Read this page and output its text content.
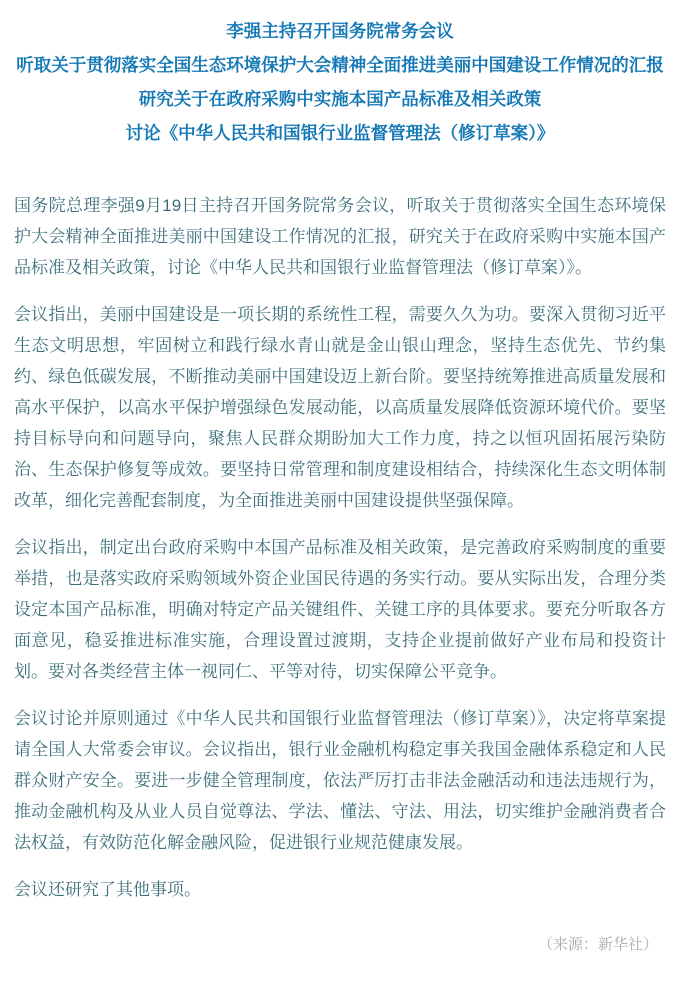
李强主持召开国务院常务会议
听取关于贯彻落实全国生态环境保护大会精神全面推进美丽中国建设工作情况的汇报
研究关于在政府采购中实施本国产品标准及相关政策
讨论《中华人民共和国银行业监督管理法（修订草案）》

国务院总理李强9月19日主持召开国务院常务会议，听取关于贯彻落实全国生态环境保护大会精神全面推进美丽中国建设工作情况的汇报，研究关于在政府采购中实施本国产品标准及相关政策，讨论《中华人民共和国银行业监督管理法（修订草案）》。

会议指出，美丽中国建设是一项长期的系统性工程，需要久久为功。要深入贯彻习近平生态文明思想，牢固树立和践行绿水青山就是金山银山理念，坚持生态优先、节约集约、绿色低碳发展，不断推动美丽中国建设迈上新台阶。要坚持统筹推进高质量发展和高水平保护，以高水平保护增强绿色发展动能，以高质量发展降低资源环境代价。要坚持目标导向和问题导向，聚焦人民群众期盼加大工作力度，持之以恒巩固拓展污染防治、生态保护修复等成效。要坚持日常管理和制度建设相结合，持续深化生态文明体制改革，细化完善配套制度，为全面推进美丽中国建设提供坚强保障。

会议指出，制定出台政府采购中本国产品标准及相关政策，是完善政府采购制度的重要举措，也是落实政府采购领域外资企业国民待遇的务实行动。要从实际出发，合理分类设定本国产品标准，明确对特定产品关键组件、关键工序的具体要求。要充分听取各方面意见，稳妥推进标准实施，合理设置过渡期，支持企业提前做好产业布局和投资计划。要对各类经营主体一视同仁、平等对待，切实保障公平竞争。

会议讨论并原则通过《中华人民共和国银行业监督管理法（修订草案）》，决定将草案提请全国人大常委会审议。会议指出，银行业金融机构稳定事关我国金融体系稳定和人民群众财产安全。要进一步健全管理制度，依法严厉打击非法金融活动和违法违规行为，推动金融机构及从业人员自觉尊法、学法、懂法、守法、用法，切实维护金融消费者合法权益，有效防范化解金融风险，促进银行业规范健康发展。

会议还研究了其他事项。

（来源：新华社）
